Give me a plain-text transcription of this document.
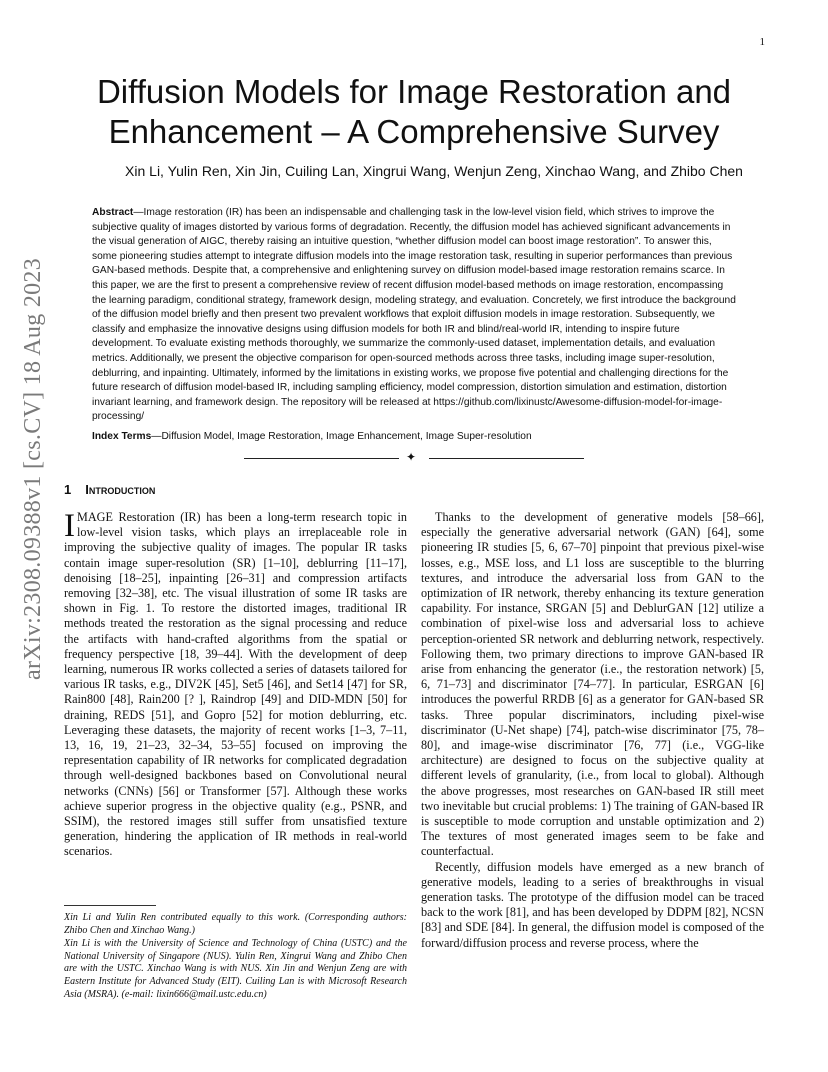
1
arXiv:2308.09388v1 [cs.CV] 18 Aug 2023
Diffusion Models for Image Restoration and Enhancement – A Comprehensive Survey
Xin Li, Yulin Ren, Xin Jin, Cuiling Lan, Xingrui Wang, Wenjun Zeng, Xinchao Wang, and Zhibo Chen

Abstract—Image restoration (IR) has been an indispensable and challenging task in the low-level vision field, which strives to improve the subjective quality of images distorted by various forms of degradation. Recently, the diffusion model has achieved significant advancements in the visual generation of AIGC, thereby raising an intuitive question, “whether diffusion model can boost image restoration”. To answer this, some pioneering studies attempt to integrate diffusion models into the image restoration task, resulting in superior performances than previous GAN-based methods. Despite that, a comprehensive and enlightening survey on diffusion model-based image restoration remains scarce. In this paper, we are the first to present a comprehensive review of recent diffusion model-based methods on image restoration, encompassing the learning paradigm, conditional strategy, framework design, modeling strategy, and evaluation. Concretely, we first introduce the background of the diffusion model briefly and then present two prevalent workflows that exploit diffusion models in image restoration. Subsequently, we classify and emphasize the innovative designs using diffusion models for both IR and blind/real-world IR, intending to inspire future development. To evaluate existing methods thoroughly, we summarize the commonly-used dataset, implementation details, and evaluation metrics. Additionally, we present the objective comparison for open-sourced methods across three tasks, including image super-resolution, deblurring, and inpainting. Ultimately, informed by the limitations in existing works, we propose five potential and challenging directions for the future research of diffusion model-based IR, including sampling efficiency, model compression, distortion simulation and estimation, distortion invariant learning, and framework design. The repository will be released at https://github.com/lixinustc/Awesome-diffusion-model-for-image-processing/

Index Terms—Diffusion Model, Image Restoration, Image Enhancement, Image Super-resolution

✦
1 Introduction

IMAGE Restoration (IR) has been a long-term research topic in low-level vision tasks, which plays an irreplaceable role in improving the subjective quality of images. The popular IR tasks contain image super-resolution (SR) [1–10], deblurring [11–17], denoising [18–25], inpainting [26–31] and compression artifacts removing [32–38], etc. The visual illustration of some IR tasks are shown in Fig. 1. To restore the distorted images, traditional IR methods treated the restoration as the signal processing and reduce the artifacts with hand-crafted algorithms from the spatial or frequency perspective [18, 39–44]. With the development of deep learning, numerous IR works collected a series of datasets tailored for various IR tasks, e.g., DIV2K [45], Set5 [46], and Set14 [47] for SR, Rain800 [48], Rain200 [? ], Raindrop [49] and DID-MDN [50] for draining, REDS [51], and Gopro [52] for motion deblurring, etc. Leveraging these datasets, the majority of recent works [1–3, 7–11, 13, 16, 19, 21–23, 32–34, 53–55] focused on improving the representation capability of IR networks for complicated degradation through well-designed backbones based on Convolutional neural networks (CNNs) [56] or Transformer [57]. Although these works achieve superior progress in the objective quality (e.g., PSNR, and SSIM), the restored images still suffer from unsatisfied texture generation, hindering the application of IR methods in real-world scenarios.

Xin Li and Yulin Ren contributed equally to this work. (Corresponding authors: Zhibo Chen and Xinchao Wang.)

Xin Li is with the University of Science and Technology of China (USTC) and the National University of Singapore (NUS). Yulin Ren, Xingrui Wang and Zhibo Chen are with the USTC. Xinchao Wang is with NUS. Xin Jin and Wenjun Zeng are with Eastern Institute for Advanced Study (EIT). Cuiling Lan is with Microsoft Research Asia (MSRA). (e-mail: lixin666@mail.ustc.edu.cn)

Thanks to the development of generative models [58–66], especially the generative adversarial network (GAN) [64], some pioneering IR studies [5, 6, 67–70] pinpoint that previous pixel-wise losses, e.g., MSE loss, and L1 loss are susceptible to the blurring textures, and introduce the adversarial loss from GAN to the optimization of IR network, thereby enhancing its texture generation capability. For instance, SRGAN [5] and DeblurGAN [12] utilize a combination of pixel-wise loss and adversarial loss to achieve perception-oriented SR network and deblurring network, respectively. Following them, two primary directions to improve GAN-based IR arise from enhancing the generator (i.e., the restoration network) [5, 6, 71–73] and discriminator [74–77]. In particular, ESRGAN [6] introduces the powerful RRDB [6] as a generator for GAN-based SR tasks. Three popular discriminators, including pixel-wise discriminator (U-Net shape) [74], patch-wise discriminator [75, 78–80], and image-wise discriminator [76, 77] (i.e., VGG-like architecture) are designed to focus on the subjective quality at different levels of granularity, (i.e., from local to global). Although the above progresses, most researches on GAN-based IR still meet two inevitable but crucial problems: 1) The training of GAN-based IR is susceptible to mode corruption and unstable optimization and 2) The textures of most generated images seem to be fake and counterfactual.

Recently, diffusion models have emerged as a new branch of generative models, leading to a series of breakthroughs in visual generation tasks. The prototype of the diffusion model can be traced back to the work [81], and has been developed by DDPM [82], NCSN [83] and SDE [84]. In general, the diffusion model is composed of the forward/diffusion process and reverse process, where the
